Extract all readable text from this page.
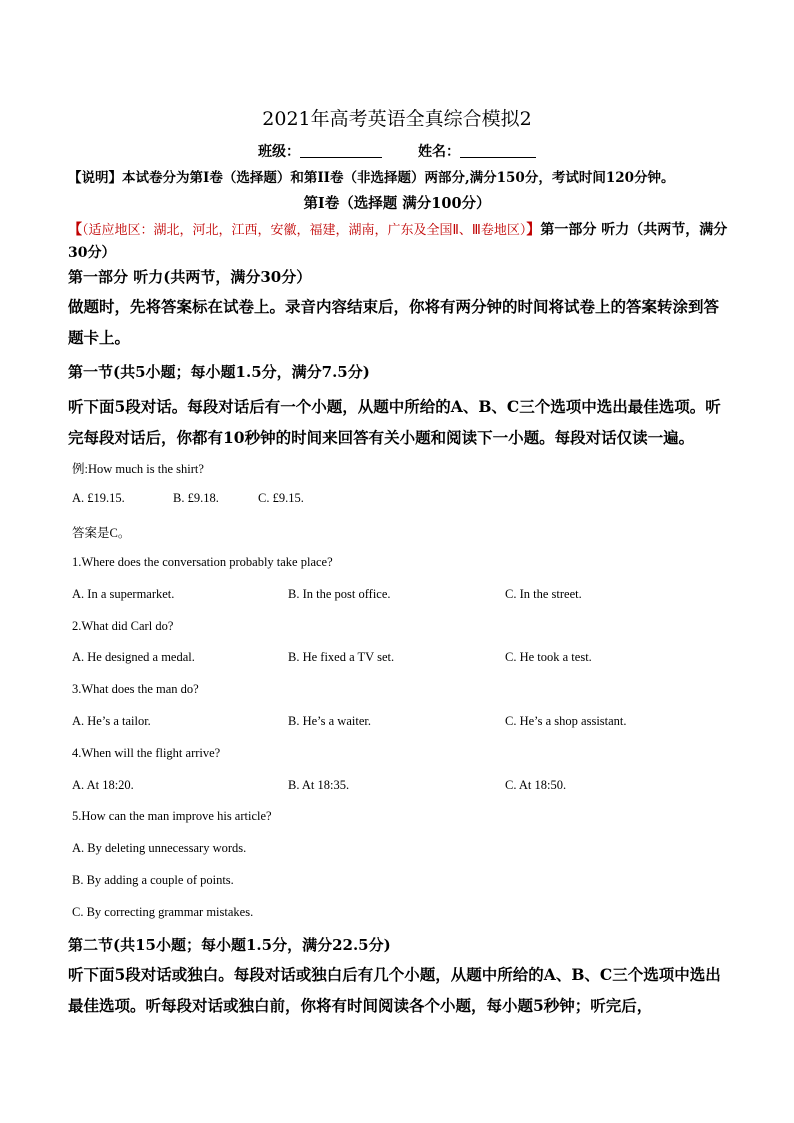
2021年高考英语全真综合模拟2
班级：	姓名：
【说明】本试卷分为第I卷（选择题）和第II卷（非选择题）两部分,满分150分，考试时间120分钟。
第I卷（选择题 满分100分）
【（适应地区：湖北，河北，江西，安徽，福建，湖南，广东及全国Ⅱ、Ⅲ卷地区）】第一部分 听力（共两节，满分30分）
第一部分 听力(共两节，满分30分）
做题时，先将答案标在试卷上。录音内容结束后，你将有两分钟的时间将试卷上的答案转涂到答题卡上。
第一节(共5小题；每小题1.5分，满分7.5分)
听下面5段对话。每段对话后有一个小题，从题中所给的A、B、C三个选项中选出最佳选项。听完每段对话后，你都有10秒钟的时间来回答有关小题和阅读下一小题。每段对话仅读一遍。
例:How much is the shirt?
A. £19.15.	B. £9.18.	C. £9.15.
答案是C。
1.Where does the conversation probably take place?
A. In a supermarket.	B. In the post office.	C. In the street.
2.What did Carl do?
A. He designed a medal.	B. He fixed a TV set.	C. He took a test.
3.What does the man do?
A. He’s a tailor.	B. He’s a waiter.	C. He’s a shop assistant.
4.When will the flight arrive?
A. At 18:20.	B. At 18:35.	C. At 18:50.
5.How can the man improve his article?
A. By deleting unnecessary words.
B. By adding a couple of points.
C. By correcting grammar mistakes.
第二节(共15小题；每小题1.5分，满分22.5分)
听下面5段对话或独白。每段对话或独白后有几个小题，从题中所给的A、B、C三个选项中选出最佳选项。听每段对话或独白前，你将有时间阅读各个小题，每小题5秒钟；听完后，
